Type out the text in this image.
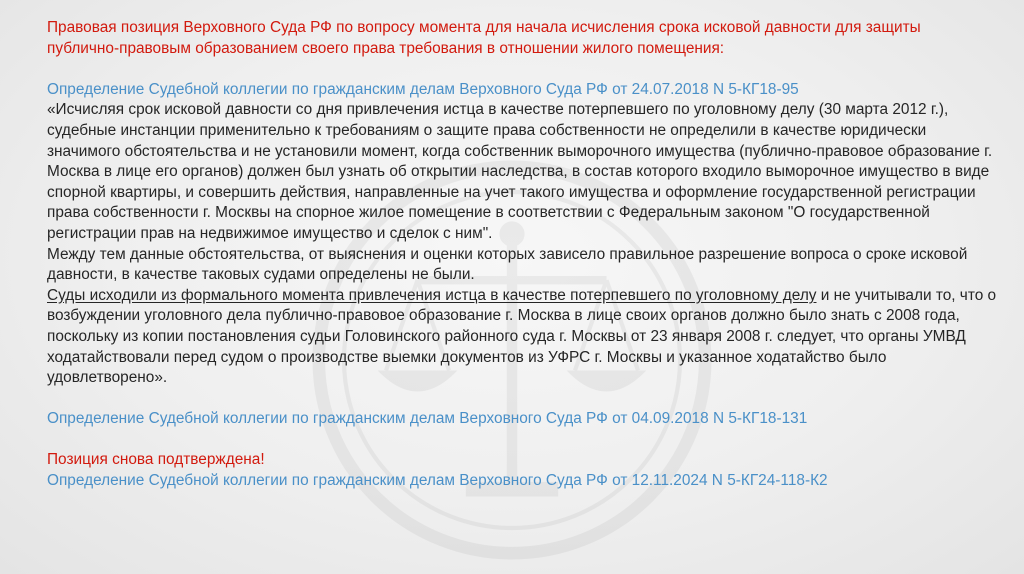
Правовая позиция Верховного Суда РФ по вопросу момента для начала исчисления срока исковой давности для защиты публично-правовым образованием своего права требования в отношении жилого помещения:

Определение Судебной коллегии по гражданским делам Верховного Суда РФ от 24.07.2018 N 5-КГ18-95

«Исчисляя срок исковой давности со дня привлечения истца в качестве потерпевшего по уголовному делу (30 марта 2012 г.), судебные инстанции применительно к требованиям о защите права собственности не определили в качестве юридически значимого обстоятельства и не установили момент, когда собственник выморочного имущества (публично-правовое образование г. Москва в лице его органов) должен был узнать об открытии наследства, в состав которого входило выморочное имущество в виде спорной квартиры, и совершить действия, направленные на учет такого имущества и оформление государственной регистрации права собственности г. Москвы на спорное жилое помещение в соответствии с Федеральным законом "О государственной регистрации прав на недвижимое имущество и сделок с ним".

Между тем данные обстоятельства, от выяснения и оценки которых зависело правильное разрешение вопроса о сроке исковой давности, в качестве таковых судами определены не были.

Суды исходили из формального момента привлечения истца в качестве потерпевшего по уголовному делу и не учитывали то, что о возбуждении уголовного дела публично-правовое образование г. Москва в лице своих органов должно было знать с 2008 года, поскольку из копии постановления судьи Головинского районного суда г. Москвы от 23 января 2008 г. следует, что органы УМВД ходатайствовали перед судом о производстве выемки документов из УФРС г. Москвы и указанное ходатайство было удовлетворено».

Определение Судебной коллегии по гражданским делам Верховного Суда РФ от 04.09.2018 N 5-КГ18-131

Позиция снова подтверждена!

Определение Судебной коллегии по гражданским делам Верховного Суда РФ от 12.11.2024 N 5-КГ24-118-К2
